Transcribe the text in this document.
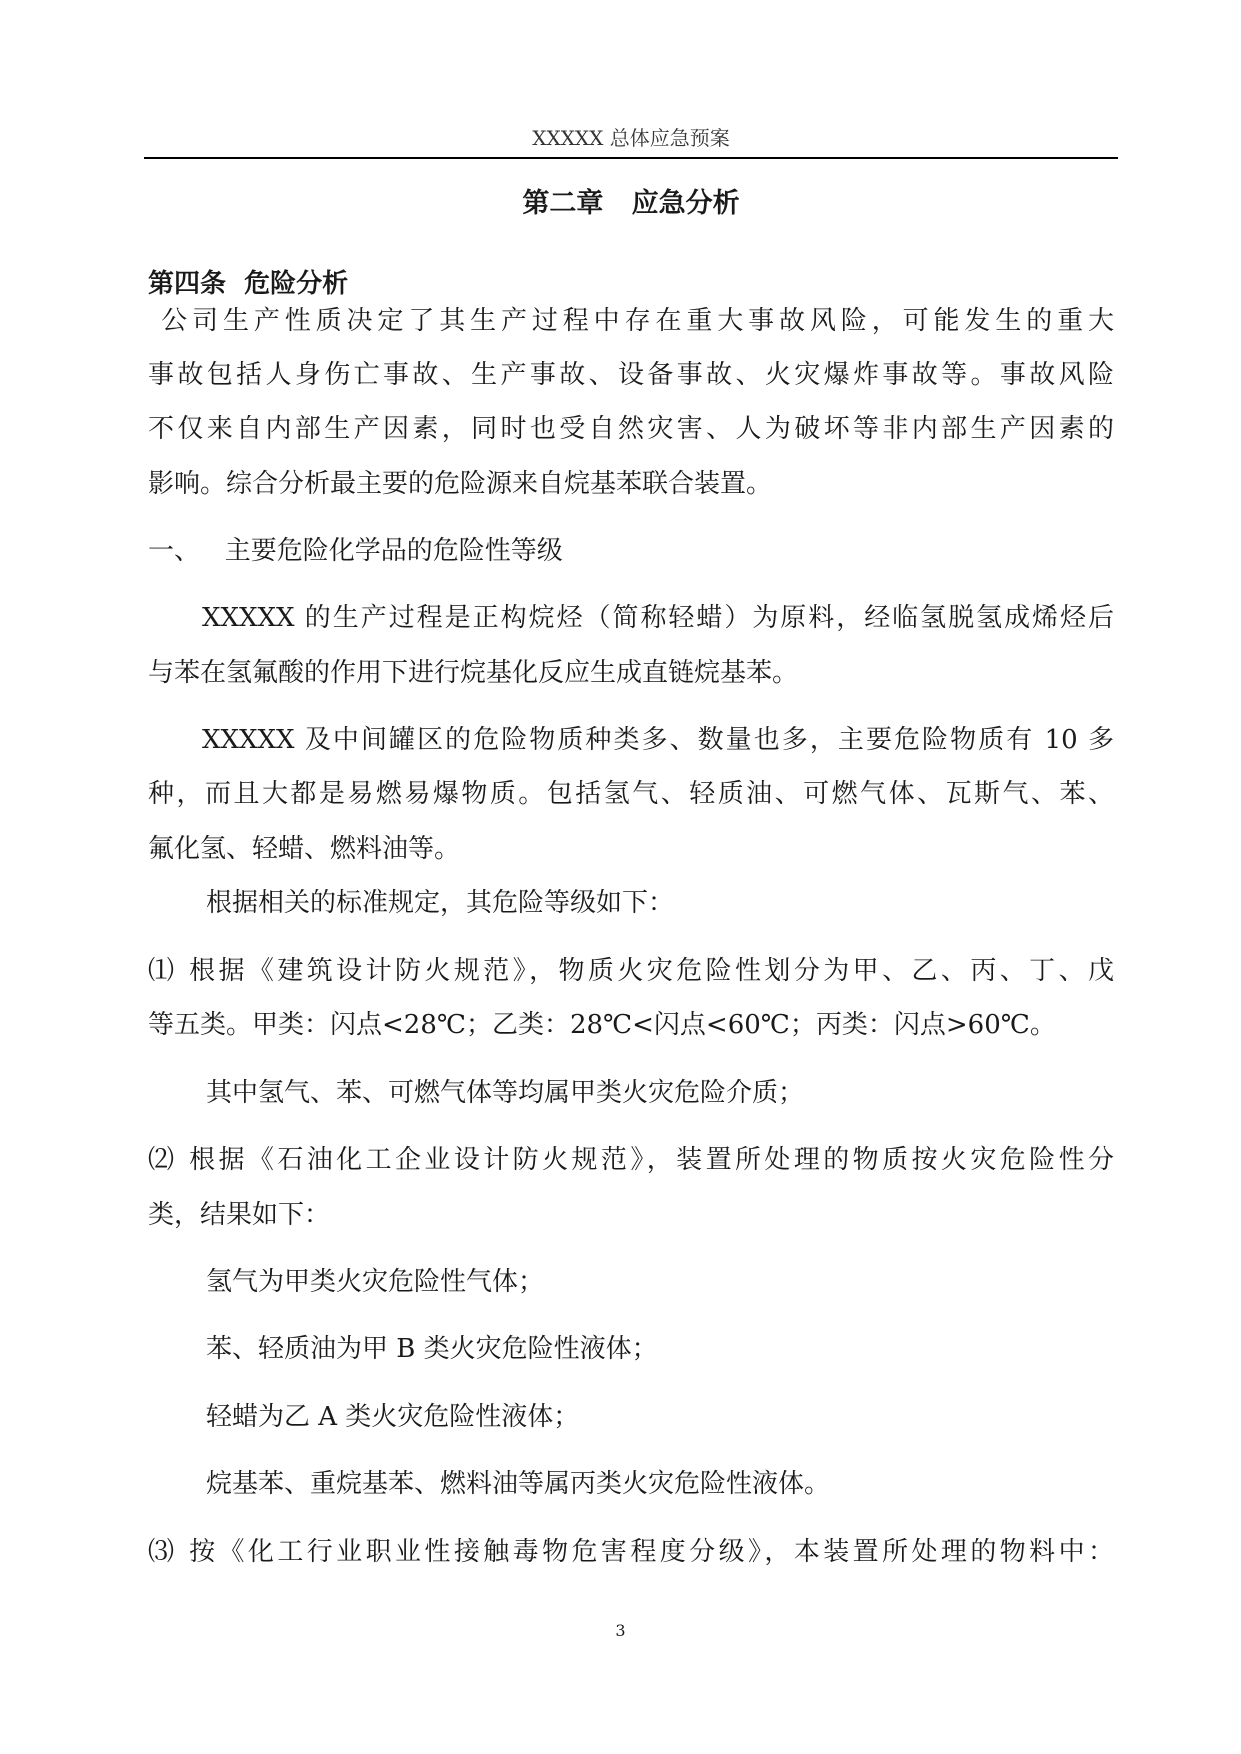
XXXXX 总体应急预案
第二章   应急分析
第四条  危险分析
公司生产性质决定了其生产过程中存在重大事故风险，可能发生的重大
事故包括人身伤亡事故、生产事故、设备事故、火灾爆炸事故等。事故风险
不仅来自内部生产因素，同时也受自然灾害、人为破坏等非内部生产因素的
影响。综合分析最主要的危险源来自烷基苯联合装置。
一、   主要危险化学品的危险性等级
XXXXX 的生产过程是正构烷烃（简称轻蜡）为原料，经临氢脱氢成烯烃后
与苯在氢氟酸的作用下进行烷基化反应生成直链烷基苯。
XXXXX 及中间罐区的危险物质种类多、数量也多，主要危险物质有 10 多
种，而且大都是易燃易爆物质。包括氢气、轻质油、可燃气体、瓦斯气、苯、
氟化氢、轻蜡、燃料油等。
根据相关的标准规定，其危险等级如下：
⑴ 根据《建筑设计防火规范》，物质火灾危险性划分为甲、乙、丙、丁、戊
等五类。甲类：闪点<28℃；乙类：28℃<闪点<60℃；丙类：闪点>60℃。
其中氢气、苯、可燃气体等均属甲类火灾危险介质；
⑵ 根据《石油化工企业设计防火规范》，装置所处理的物质按火灾危险性分
类，结果如下：
氢气为甲类火灾危险性气体；
苯、轻质油为甲 B 类火灾危险性液体；
轻蜡为乙 A 类火灾危险性液体；
烷基苯、重烷基苯、燃料油等属丙类火灾危险性液体。
⑶ 按《化工行业职业性接触毒物危害程度分级》，本装置所处理的物料中：
3
